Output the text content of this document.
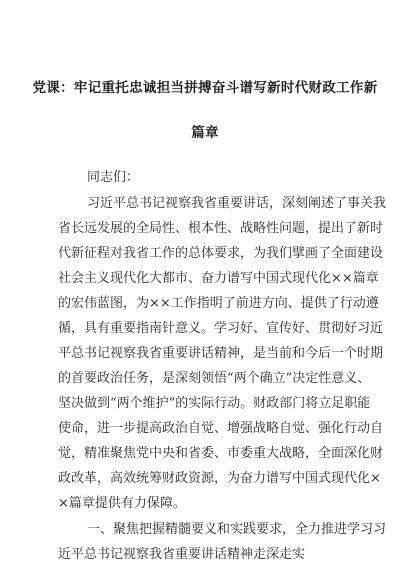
党课：牢记重托忠诚担当拼搏奋斗谱写新时代财政工作新
篇章
同志们：
习近平总书记视察我省重要讲话，深刻阐述了事关我
省长远发展的全局性、根本性、战略性问题，提出了新时
代新征程对我省工作的总体要求，为我们擘画了全面建设
社会主义现代化大都市、奋力谱写中国式现代化××篇章
的宏伟蓝图，为××工作指明了前进方向、提供了行动遵
循，具有重要指南针意义。学习好、宣传好、贯彻好习近
平总书记视察我省重要讲话精神，是当前和今后一个时期
的首要政治任务，是深刻领悟“两个确立”决定性意义、
坚决做到“两个维护”的实际行动。财政部门将立足职能
使命，进一步提高政治自觉、增强战略自觉、强化行动自
觉，精准聚焦党中央和省委、市委重大战略，全面深化财
政改革，高效统筹财政资源，为奋力谱写中国式现代化×
×篇章提供有力保障。
一、聚焦把握精髓要义和实践要求，全力推进学习习
近平总书记视察我省重要讲话精神走深走实
